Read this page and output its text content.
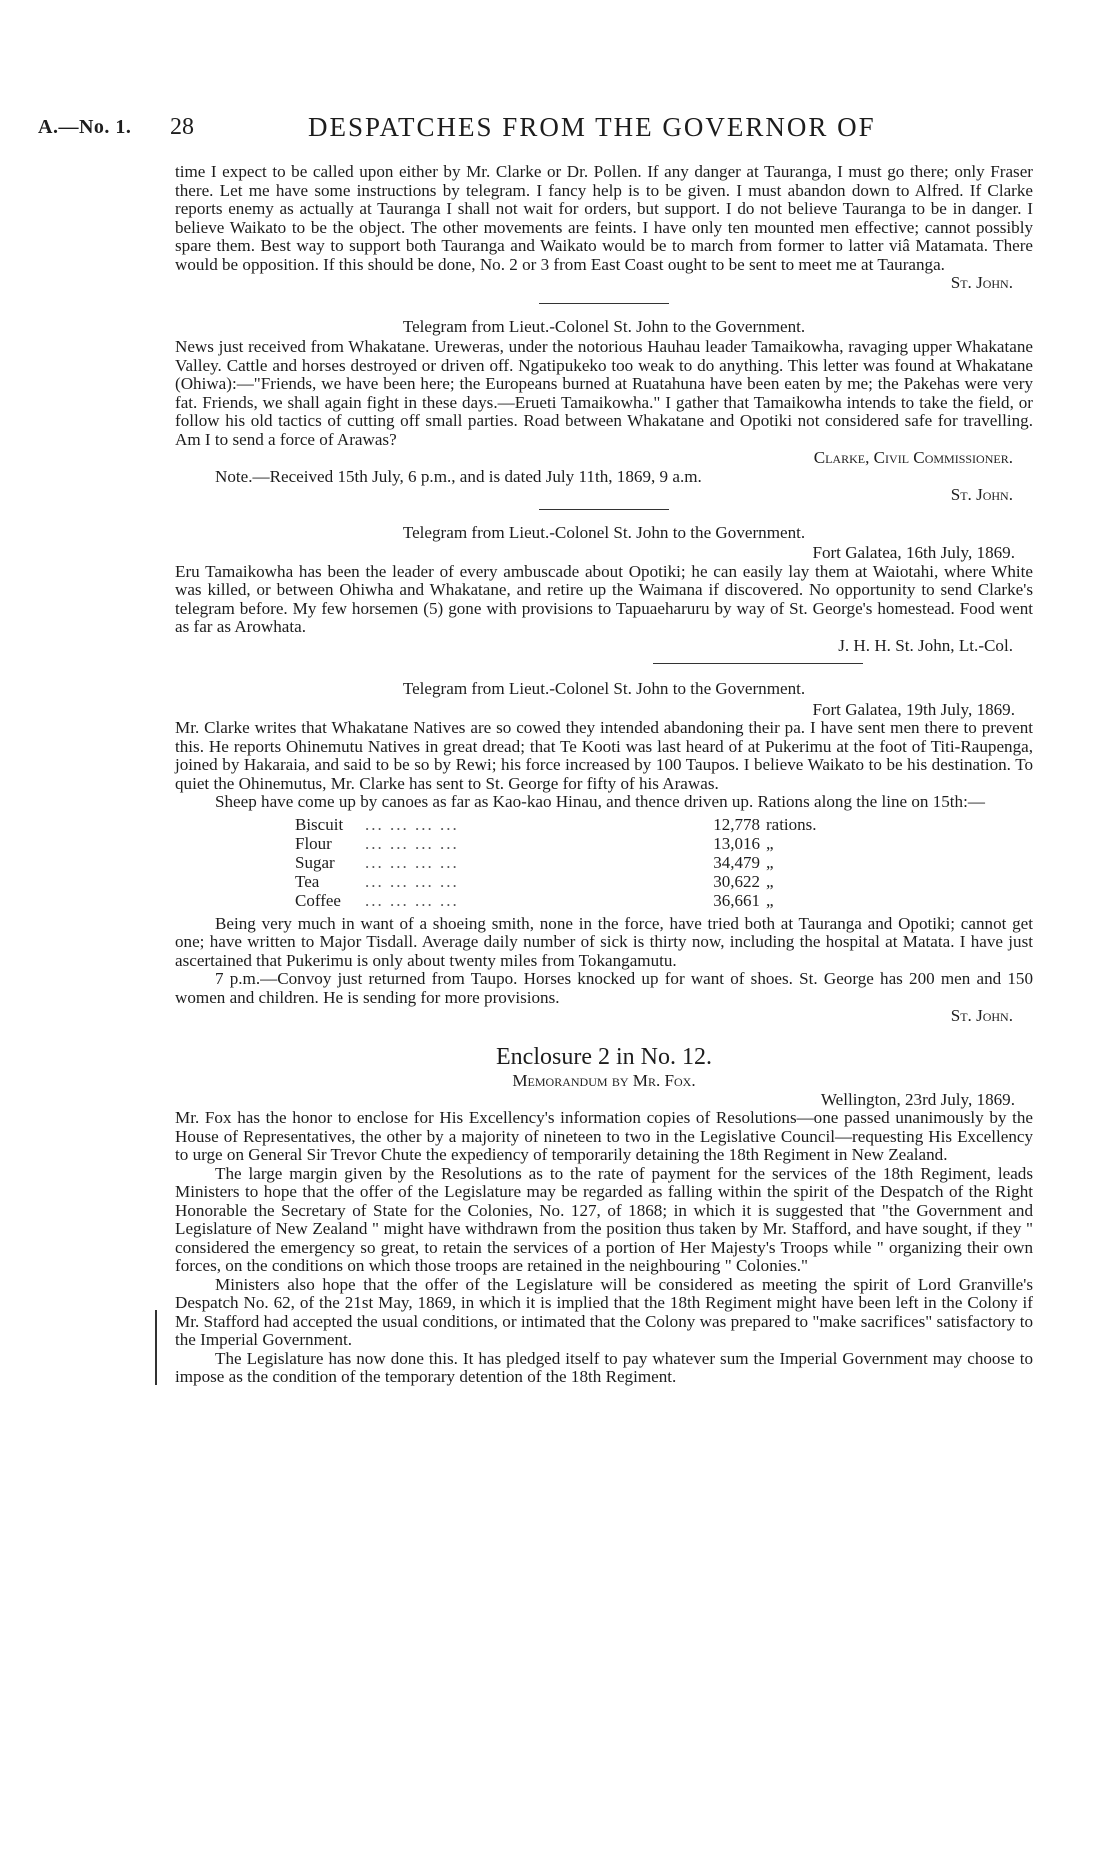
A.—No. 1. 28	DESPATCHES FROM THE GOVERNOR OF

time I expect to be called upon either by Mr. Clarke or Dr. Pollen. If any danger at Tauranga, I must go there; only Fraser there. Let me have some instructions by telegram. I fancy help is to be given. I must abandon down to Alfred. If Clarke reports enemy as actually at Tauranga I shall not wait for orders, but support. I do not believe Tauranga to be in danger. I believe Waikato to be the object. The other movements are feints. I have only ten mounted men effective; cannot possibly spare them. Best way to support both Tauranga and Waikato would be to march from former to latter viâ Matamata. There would be opposition. If this should be done, No. 2 or 3 from East Coast ought to be sent to meet me at Tauranga.

St. John.

Telegram from Lieut.-Colonel St. John to the Government.

News just received from Whakatane. Ureweras, under the notorious Hauhau leader Tamaikowha, ravaging upper Whakatane Valley. Cattle and horses destroyed or driven off. Ngatipukeko too weak to do anything. This letter was found at Whakatane (Ohiwa):—"Friends, we have been here; the Europeans burned at Ruatahuna have been eaten by me; the Pakehas were very fat. Friends, we shall again fight in these days.—Erueti Tamaikowha." I gather that Tamaikowha intends to take the field, or follow his old tactics of cutting off small parties. Road between Whakatane and Opotiki not considered safe for travelling. Am I to send a force of Arawas?

Clarke, Civil Commissioner.

Note.—Received 15th July, 6 p.m., and is dated July 11th, 1869, 9 a.m.

St. John.

Telegram from Lieut.-Colonel St. John to the Government.

Fort Galatea, 16th July, 1869.

Eru Tamaikowha has been the leader of every ambuscade about Opotiki; he can easily lay them at Waiotahi, where White was killed, or between Ohiwha and Whakatane, and retire up the Waimana if discovered. No opportunity to send Clarke's telegram before. My few horsemen (5) gone with provisions to Tapuaeharuru by way of St. George's homestead. Food went as far as Arowhata.

J. H. H. St. John, Lt.-Col.

Telegram from Lieut.-Colonel St. John to the Government.

Fort Galatea, 19th July, 1869.

Mr. Clarke writes that Whakatane Natives are so cowed they intended abandoning their pa. I have sent men there to prevent this. He reports Ohinemutu Natives in great dread; that Te Kooti was last heard of at Pukerimu at the foot of Titi-Raupenga, joined by Hakaraia, and said to be so by Rewi; his force increased by 100 Taupos. I believe Waikato to be his destination. To quiet the Ohinemutus, Mr. Clarke has sent to St. George for fifty of his Arawas.

Sheep have come up by canoes as far as Kao-kao Hinau, and thence driven up. Rations along the line on 15th:—

Biscuit	... ... ... ...	12,778	rations.
Flour	... ... ... ...	13,016	„
Sugar	... ... ... ...	34,479	„
Tea	... ... ... ...	30,622	„
Coffee	... ... ... ...	36,661	„

Being very much in want of a shoeing smith, none in the force, have tried both at Tauranga and Opotiki; cannot get one; have written to Major Tisdall. Average daily number of sick is thirty now, including the hospital at Matata. I have just ascertained that Pukerimu is only about twenty miles from Tokangamutu.

7 p.m.—Convoy just returned from Taupo. Horses knocked up for want of shoes. St. George has 200 men and 150 women and children. He is sending for more provisions.

St. John.

Enclosure 2 in No. 12.

Memorandum by Mr. Fox.

Wellington, 23rd July, 1869.

Mr. Fox has the honor to enclose for His Excellency's information copies of Resolutions—one passed unanimously by the House of Representatives, the other by a majority of nineteen to two in the Legislative Council—requesting His Excellency to urge on General Sir Trevor Chute the expediency of temporarily detaining the 18th Regiment in New Zealand.

The large margin given by the Resolutions as to the rate of payment for the services of the 18th Regiment, leads Ministers to hope that the offer of the Legislature may be regarded as falling within the spirit of the Despatch of the Right Honorable the Secretary of State for the Colonies, No. 127, of 1868; in which it is suggested that "the Government and Legislature of New Zealand " might have withdrawn from the position thus taken by Mr. Stafford, and have sought, if they " considered the emergency so great, to retain the services of a portion of Her Majesty's Troops while " organizing their own forces, on the conditions on which those troops are retained in the neighbouring " Colonies."

Ministers also hope that the offer of the Legislature will be considered as meeting the spirit of Lord Granville's Despatch No. 62, of the 21st May, 1869, in which it is implied that the 18th Regiment might have been left in the Colony if Mr. Stafford had accepted the usual conditions, or intimated that the Colony was prepared to "make sacrifices" satisfactory to the Imperial Government.

The Legislature has now done this. It has pledged itself to pay whatever sum the Imperial Government may choose to impose as the condition of the temporary detention of the 18th Regiment.
